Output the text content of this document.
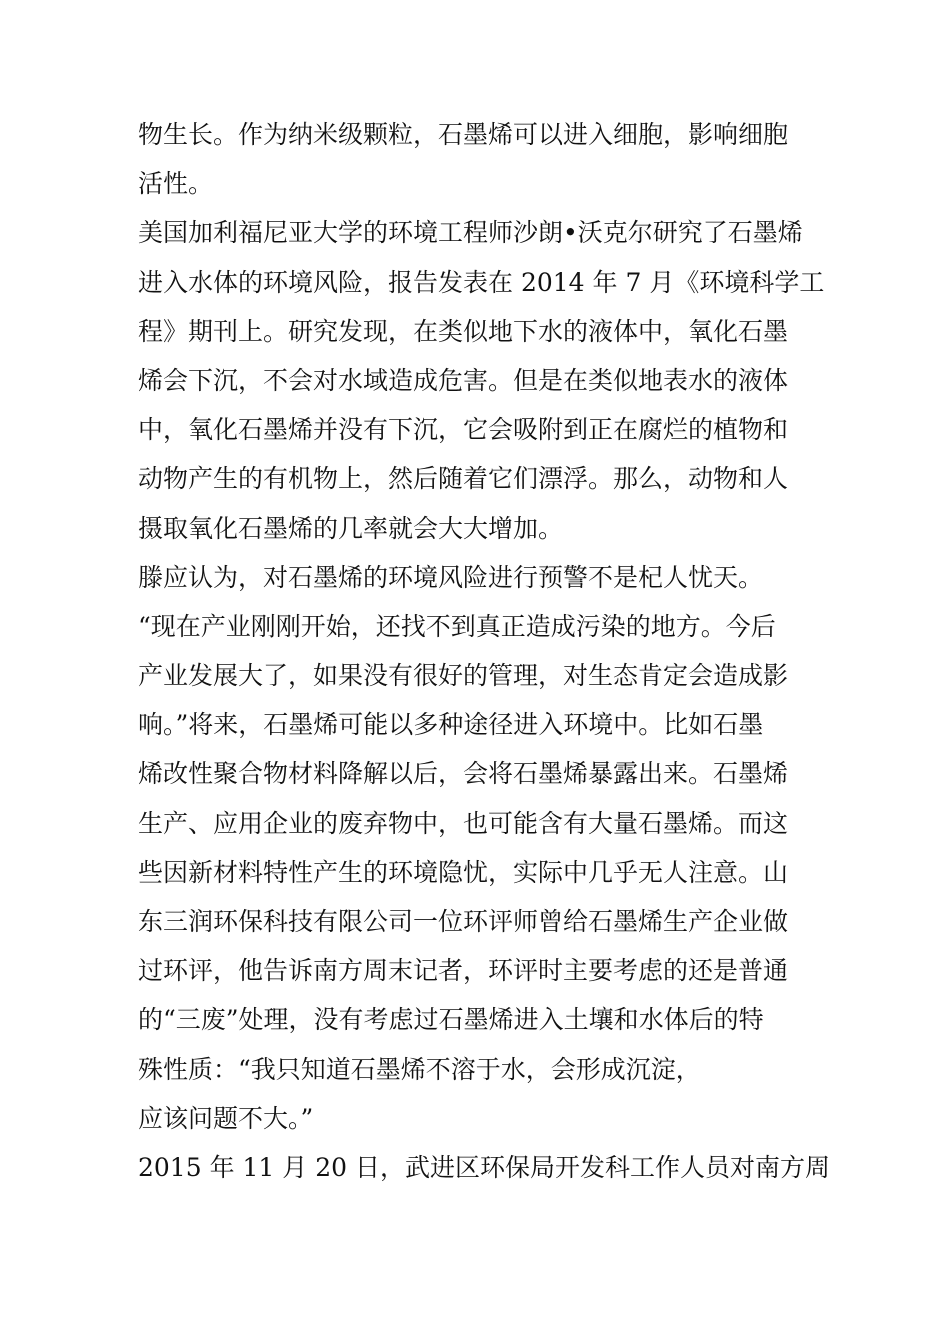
物生长。作为纳米级颗粒，石墨烯可以进入细胞，影响细胞
活性。
美国加利福尼亚大学的环境工程师沙朗•沃克尔研究了石墨烯
进入水体的环境风险，报告发表在 2014 年 7 月《环境科学工
程》期刊上。研究发现，在类似地下水的液体中，氧化石墨
烯会下沉，不会对水域造成危害。但是在类似地表水的液体
中，氧化石墨烯并没有下沉，它会吸附到正在腐烂的植物和
动物产生的有机物上，然后随着它们漂浮。那么，动物和人
摄取氧化石墨烯的几率就会大大增加。
滕应认为，对石墨烯的环境风险进行预警不是杞人忧天。
“现在产业刚刚开始，还找不到真正造成污染的地方。今后
产业发展大了，如果没有很好的管理，对生态肯定会造成影
响。”将来，石墨烯可能以多种途径进入环境中。比如石墨
烯改性聚合物材料降解以后，会将石墨烯暴露出来。石墨烯
生产、应用企业的废弃物中，也可能含有大量石墨烯。而这
些因新材料特性产生的环境隐忧，实际中几乎无人注意。山
东三润环保科技有限公司一位环评师曾给石墨烯生产企业做
过环评，他告诉南方周末记者，环评时主要考虑的还是普通
的“三废”处理，没有考虑过石墨烯进入土壤和水体后的特
殊性质：“我只知道石墨烯不溶于水，会形成沉淀，
应该问题不大。”
2015 年 11 月 20 日，武进区环保局开发科工作人员对南方周
